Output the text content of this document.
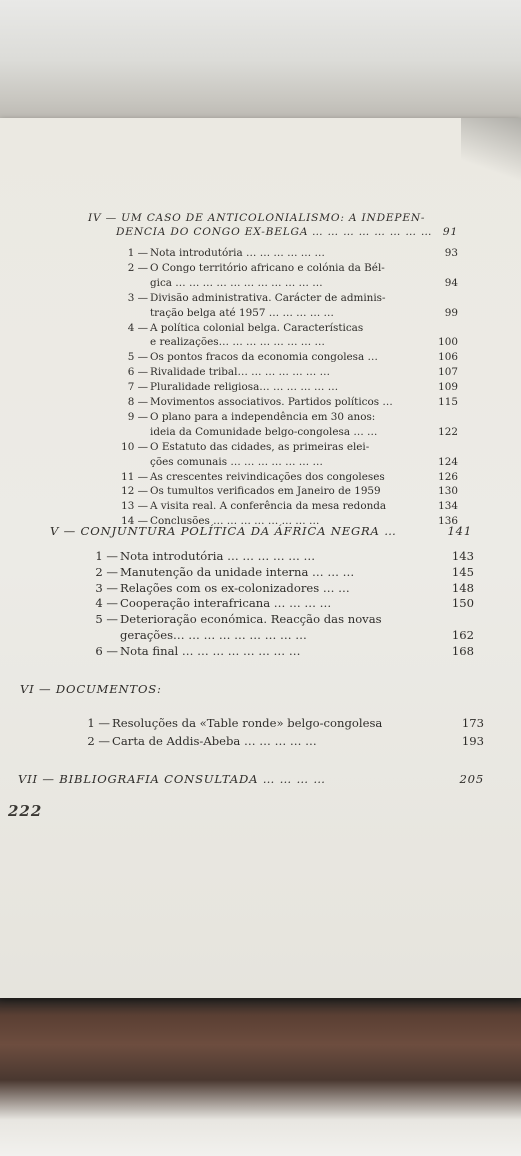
IV — UM CASO DE ANTICOLONIALISMO: A INDEPEN-
DENCIA DO CONGO EX-BELGA … … … … … … … … 91
1 — Nota introdutória … … … … … …	93
2 — O Congo território africano e colónia da Bél-
gica … … … … … … … … … … …	94
3 — Divisão administrativa. Carácter de adminis-
tração belga até 1957 … … … … …	99
4 — A política colonial belga. Características
e realizações… … … … … … … …	100
5 — Os pontos fracos da economia congolesa …	106
6 — Rivalidade tribal… … … … … … …	107
7 — Pluralidade religiosa… … … … … …	109
8 — Movimentos associativos. Partidos políticos …	115
9 — O plano para a independência em 30 anos:
ideia da Comunidade belgo-congolesa … …	122
10 — O Estatuto das cidades, as primeiras elei-
ções comunais … … … … … … …	124
11 — As crescentes reivindicações dos congoleses	126
12 — Os tumultos verificados em Janeiro de 1959	130
13 — A visita real. A conferência da mesa redonda	134
14 — Conclusões … … … … … … … …	136
V — CONJUNTURA POLÍTICA DA ÁFRICA NEGRA …	141
1 — Nota introdutória … … … … … …	143
2 — Manutenção da unidade interna … … …	145
3 — Relações com os ex-colonizadores … …	148
4 — Cooperação interafricana … … … …	150
5 — Deterioração económica. Reacção das novas
gerações… … … … … … … … …	162
6 — Nota final … … … … … … … …	168
VI — DOCUMENTOS:
1 — Resoluções da «Table ronde» belgo-congolesa	173
2 — Carta de Addis-Abeba … … … … …	193
VII — BIBLIOGRAFIA CONSULTADA … … … …	205
222
